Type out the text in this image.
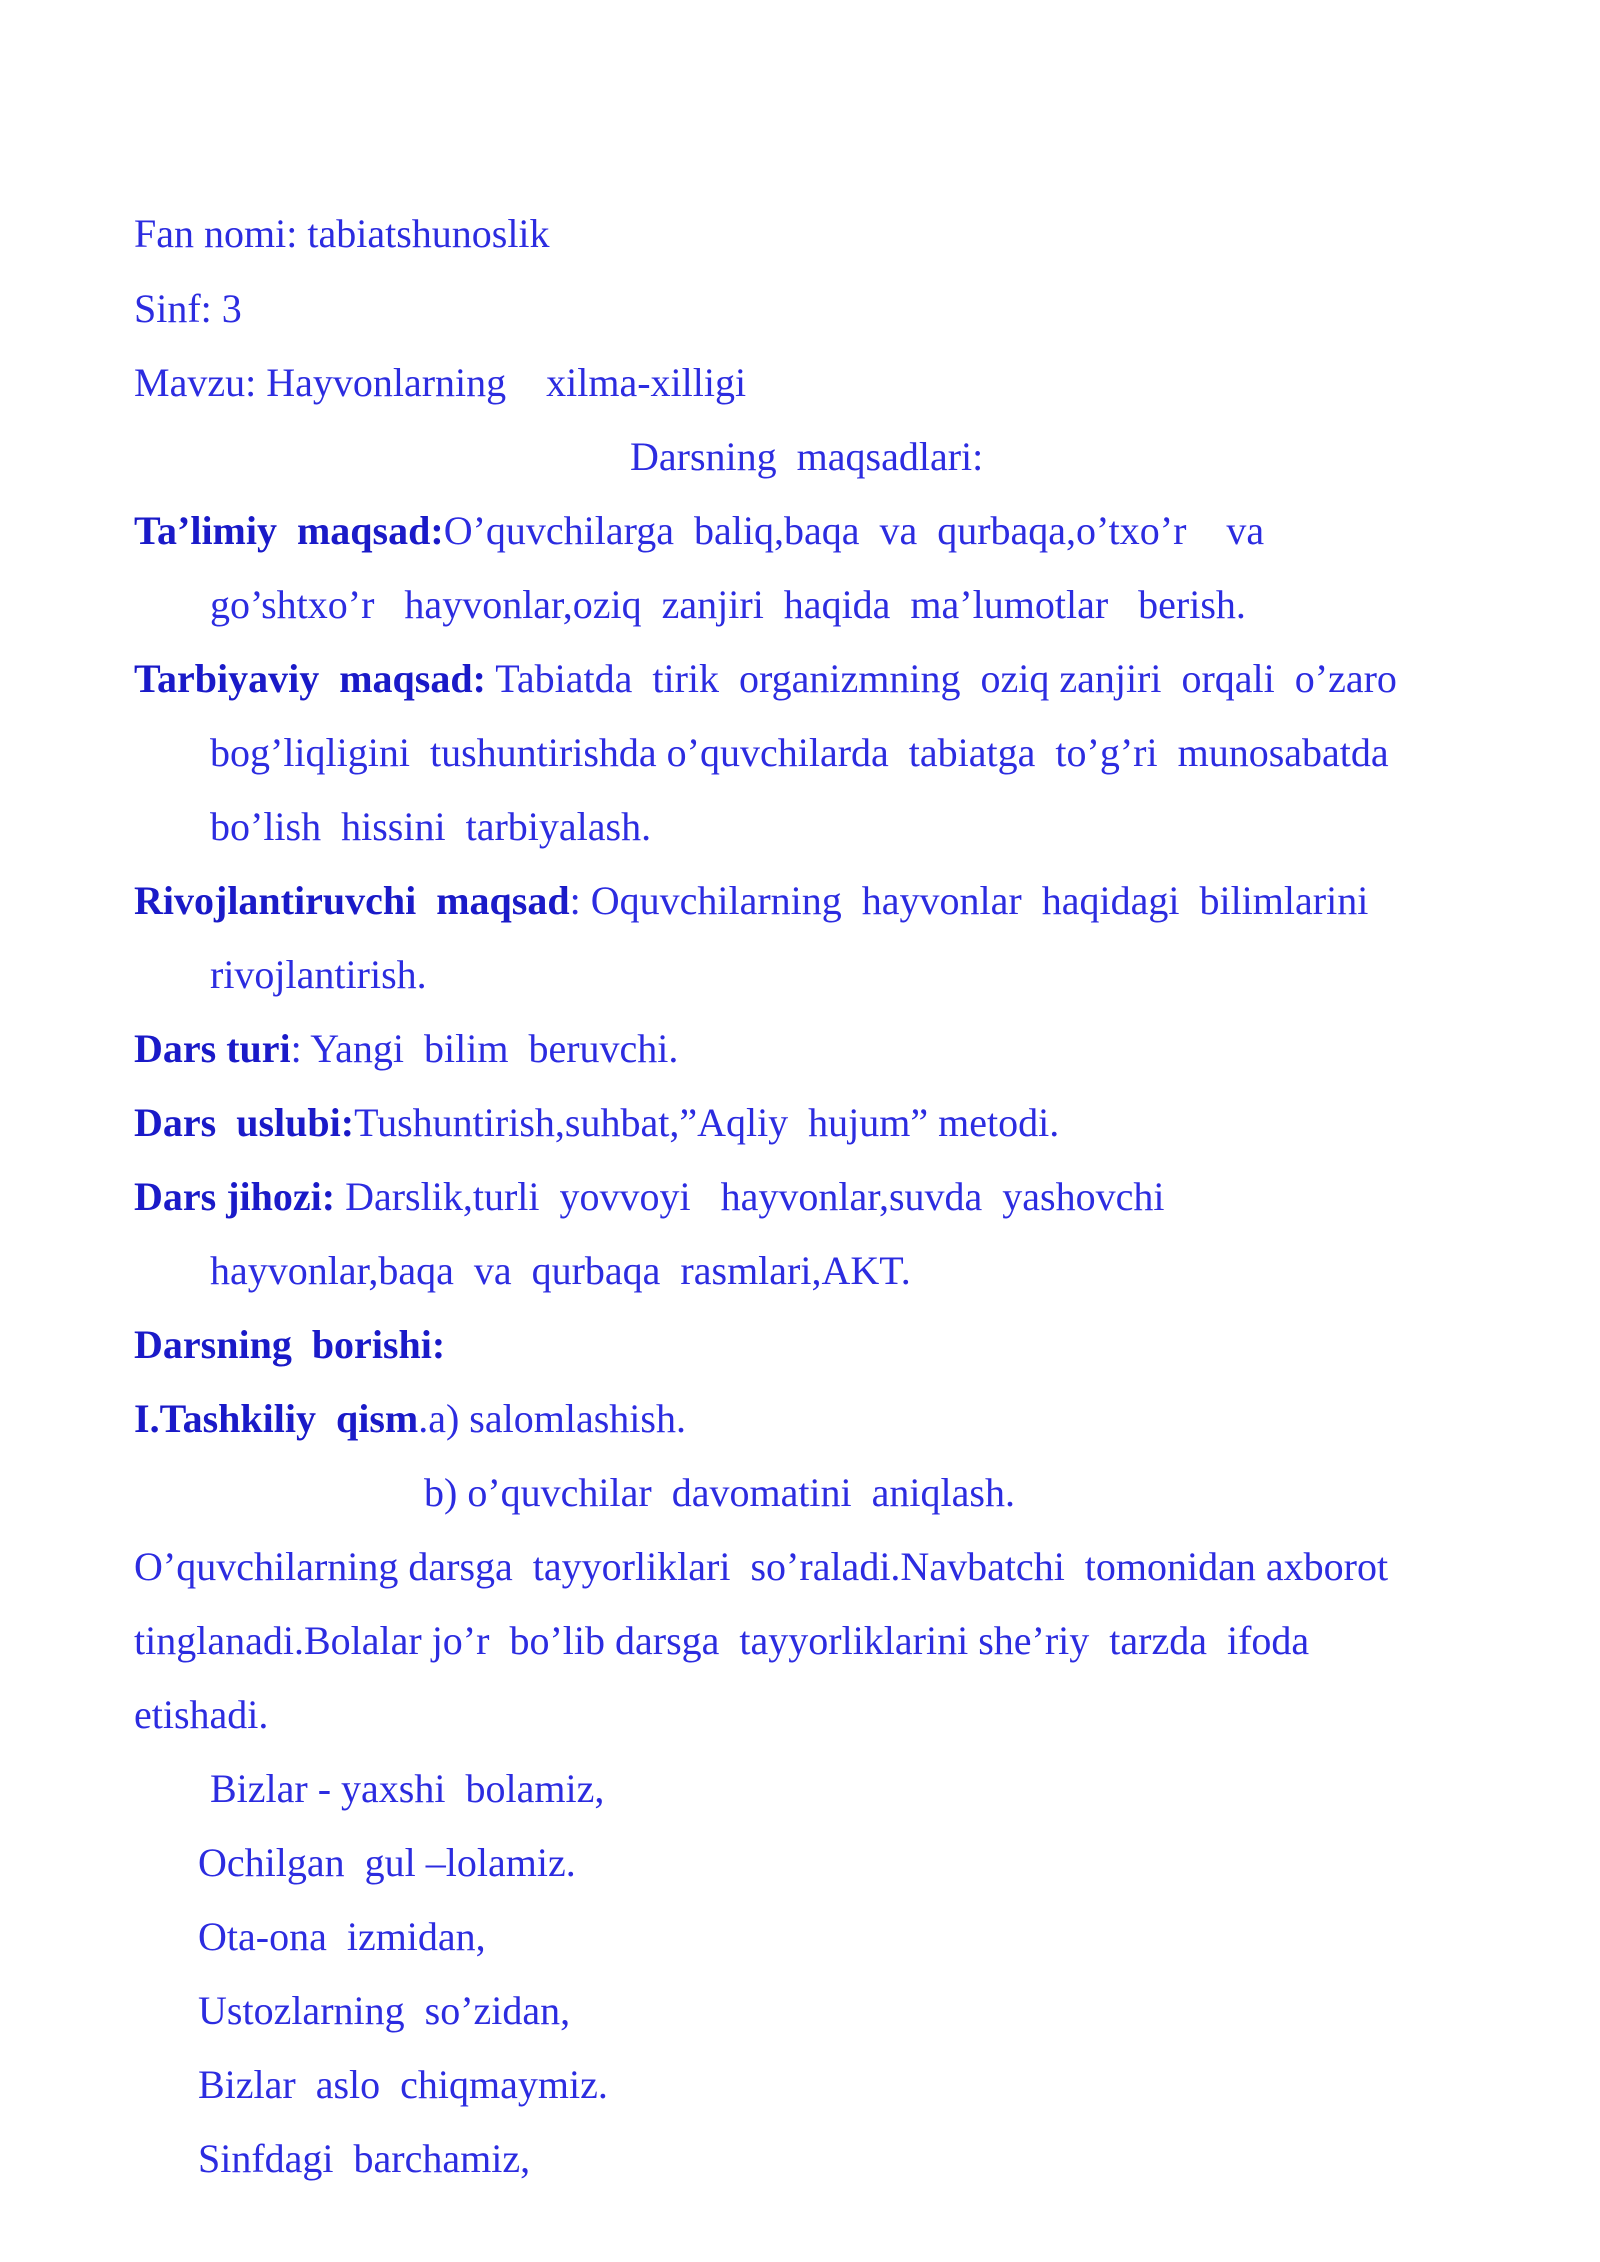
Fan nomi: tabiatshunoslik
Sinf: 3
Mavzu: Hayvonlarning    xilma-xilligi
Darsning  maqsadlari:
Ta’limiy  maqsad:O’quvchilarga  baliq,baqa  va  qurbaqa,o’txo’r    va
go’shtxo’r   hayvonlar,oziq  zanjiri  haqida  ma’lumotlar   berish.
Tarbiyaviy  maqsad: Tabiatda  tirik  organizmning  oziq zanjiri  orqali  o’zaro
bog’liqligini  tushuntirishda o’quvchilarda  tabiatga  to’g’ri  munosabatda
bo’lish  hissini  tarbiyalash.
Rivojlantiruvchi  maqsad: Oquvchilarning  hayvonlar  haqidagi  bilimlarini
rivojlantirish.
Dars turi: Yangi  bilim  beruvchi.
Dars  uslubi:Tushuntirish,suhbat,”Aqliy  hujum” metodi.
Dars jihozi: Darslik,turli  yovvoyi   hayvonlar,suvda  yashovchi
hayvonlar,baqa  va  qurbaqa  rasmlari,AKT.
Darsning  borishi:
I.Tashkiliy  qism.a) salomlashish.
b) o’quvchilar  davomatini  aniqlash.
O’quvchilarning darsga  tayyorliklari  so’raladi.Navbatchi  tomonidan axborot
tinglanadi.Bolalar jo’r  bo’lib darsga  tayyorliklarini she’riy  tarzda  ifoda
etishadi.
Bizlar - yaxshi  bolamiz,
Ochilgan  gul –lolamiz.
Ota-ona  izmidan,
Ustozlarning  so’zidan,
Bizlar  aslo  chiqmaymiz.
Sinfdagi  barchamiz,
